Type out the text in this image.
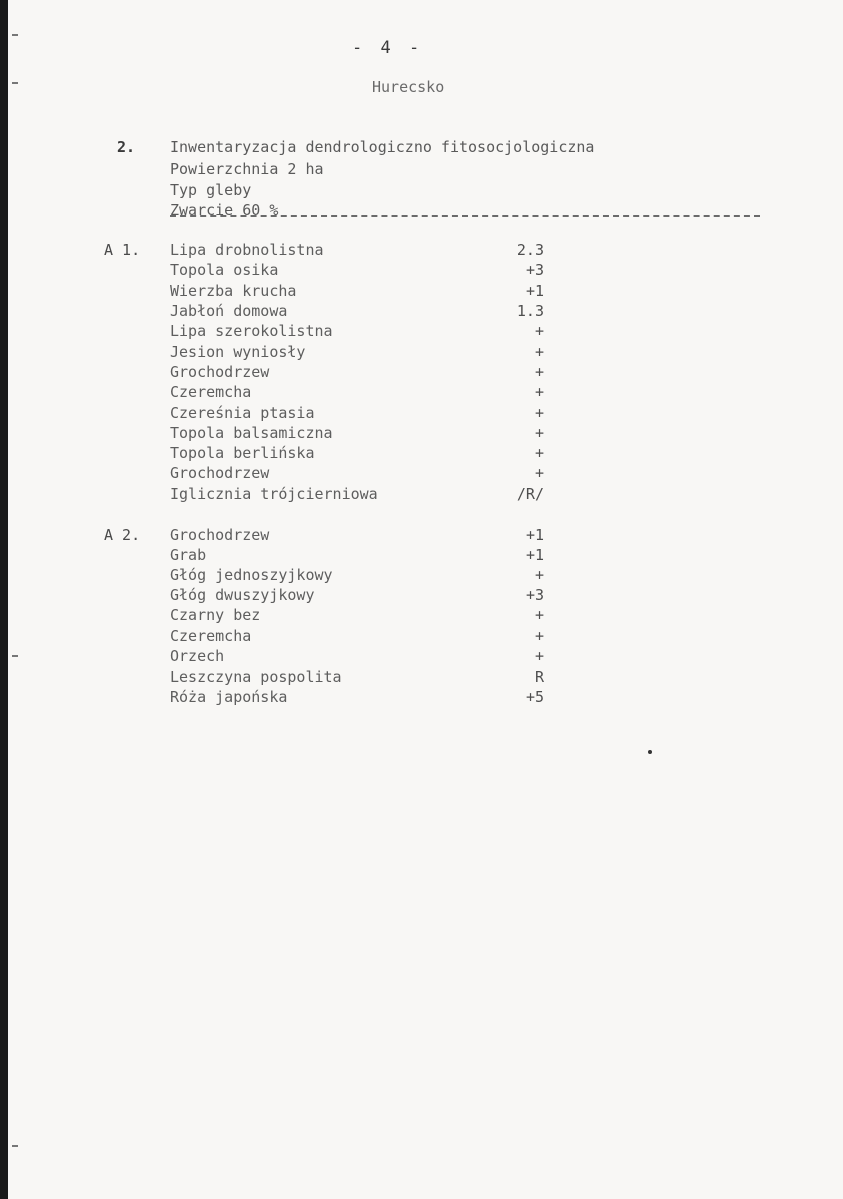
- 4 -
Hurecsko
2. Inwentaryzacja dendrologiczno fitosocjologiczna
Powierzchnia 2 ha
Typ gleby
Zwarcie 60 %
A 1. Lipa drobnolistna	2.3
Topola osika	+3
Wierzba krucha	+1
Jabłoń domowa	1.3
Lipa szerokolistna	+
Jesion wyniosły	+
Grochodrzew	+
Czeremcha	+
Czereśnia ptasia	+
Topola balsamiczna	+
Topola berlińska	+
Grochodrzew	+
Iglicznia trójcierniowa	/R/
A 2. Grochodrzew	+1
Grab	+1
Głóg jednoszyjkowy	+
Głóg dwuszyjkowy	+3
Czarny bez	+
Czeremcha	+
Orzech	+
Leszczyna pospolita	R
Róża japońska	+5
